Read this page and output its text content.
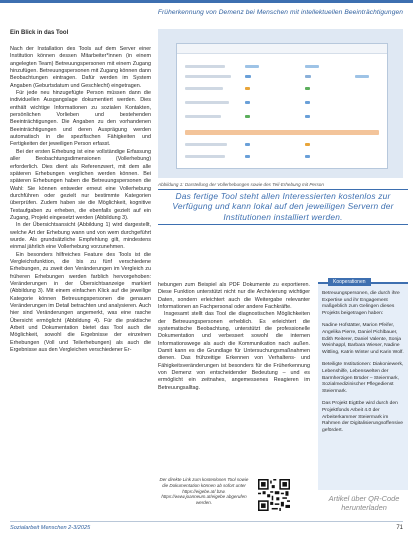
Früherkennung von Demenz bei Menschen mit intellektuellen Beeinträchtigungen
Ein Blick in das Tool

Nach der Installation des Tools auf dem Server einer Institution können dessen Mitarbeiter*innen (in einem angelegten Team) Betreuungspersonen mit einem Zugang hinzufügen. Betreuungspersonen mit Zugang können dann Beobachtungen eintragen. Dafür werden im System Angaben (Geburtsdatum und Geschlecht) eingetragen.

Für jede neu hinzugefügte Person müssen dann die individuellen Ausgangslage dokumentiert werden. Dies enthält wichtige Informationen zu sozialen Kontakten, persönlichen Vorlieben und bestehenden Beeinträchtigungen. Die Angaben zu den vorhandenen Beeinträchtigungen und deren Ausprägung werden automatisch in die spezifischen Fähigkeiten und Fertigkeiten der jeweiligen Person erfasst.

Bei der ersten Erhebung ist eine vollständige Erfassung aller Beobachtungsdimensionen (Vollerhebung) erforderlich. Dies dient als Referenzwert, mit dem alle späteren Erhebungen verglichen werden können. Bei späteren Erhebungen haben die Betreuungspersonen die Wahl: Sie können entweder erneut eine Vollerhebung durchführen oder gezielt nur bestimmte Kategorien überprüfen. Zudem haben sie die Möglichkeit, kognitive Testaufgaben zu erheben, die ebenfalls gezielt auf ein Zugang, Projekt eingesetzt werden (Abbildung 3).

In der Übersichtsansicht (Abbildung 1) wird dargestellt, welche Art der Erhebung wann und von wem durchgeführt wurde. Als grundsätzliche Empfehlung gilt, mindestens einmal jährlich eine Vollerhebung vorzunehmen.

Ein besonders hilfreiches Feature des Tools ist die Vergleichsfunktion, die bis zu fünf verschiedene Erhebungen, zu zweit den Veränderungen im Vergleich zu früheren Erhebungen werden farblich hervorgehoben: Veränderungen in der Übersichtsanzeige markiert (Abbildung 3). Mit einem einfachen Klick auf die jeweilige Kategorie können Betreuungspersonen die genauen Veränderungen im Detail betrachten und analysieren. Auch hier sind Veränderungen angemerkt, was eine rasche Übersicht ermöglicht (Abbildung 4). Für die praktische Arbeit und Dokumentation bietet das Tool auch die Möglichkeit, sowohl die Ergebnisse der einzelnen Erhebungen (Voll und Teilerhebungen) als auch die Ergebnisse aus den Vergleichen verschiedener Er-

Abbildung 1: Darstellung der Vollerhebungen sowie des Teil-Erhebung mit Person
Das fertige Tool steht allen Interessierten kostenlos zur Verfügung und kann lokal auf den jeweiligen Servern der Institutionen installiert werden.

hebungen zum Beispiel als PDF Dokumente zu exportieren. Diese Funktion unterstützt nicht nur die Archivierung wichtiger Daten, sondern erleichtert auch die Weitergabe relevanter Informationen an Fachpersonal oder andere Fachkräfte.

Insgesamt stellt das Tool die diagnostischen Möglichkeiten der Betreuungspersonen erheblich. Es erleichtert die systematische Beobachtung, unterstützt die professionelle Dokumentation und verbessert sowohl die internen Informationswege als auch die Kommunikation nach außen. Damit kann es die Grundlage für Untersuchungsmaßnahmen dienen. Das frühzeitige Erkennen von Verhaltens- und Fähigkeitsveränderungen ist besonders für die Früherkennung von Demenz von entscheidender Bedeutung – und es ermöglicht ein zeitnahes, angemessenes Reagieren im Betreuungsalltag.

Kooperationen

Betreuungspersonen, die durch ihre Expertise und ihr Engagement maßgeblich zum Gelingen dieses Projekts beigetragen haben:

Nadine Hofstätter, Marion Pfeifer, Angelika Pierre, Daniel Pichlbauer, Edith Reiterer, Daniel Valente, Sonja Weinhappl, Barbara Wieser, Nadine Wittling, Katrin Winter und Karin Wolf.

Beteiligte Institutionen: Diakoniewerk, Lebenshilfe, Lebenswelten der Barmherzigen Brüder – Steiermark, Sozialmedizinischer Pflegedienst Steiermark.

Das Projekt EigEbe wird durch den Projektfonds Arbeit 4.0 der Arbeiterkammer Steiermark im Rahmen der Digitalisierungsoffensive gefördert.

Der direkte Link zum kostenlosen Tool sowie die Dokumentation können ab sofort unter https://eigebe.at/ bzw. https://www.joanneum.at/eigebe abgerufen werden.	Artikel über QR-Code herunterladen
Sozialarbeit Menschen 2-3/2025	71
